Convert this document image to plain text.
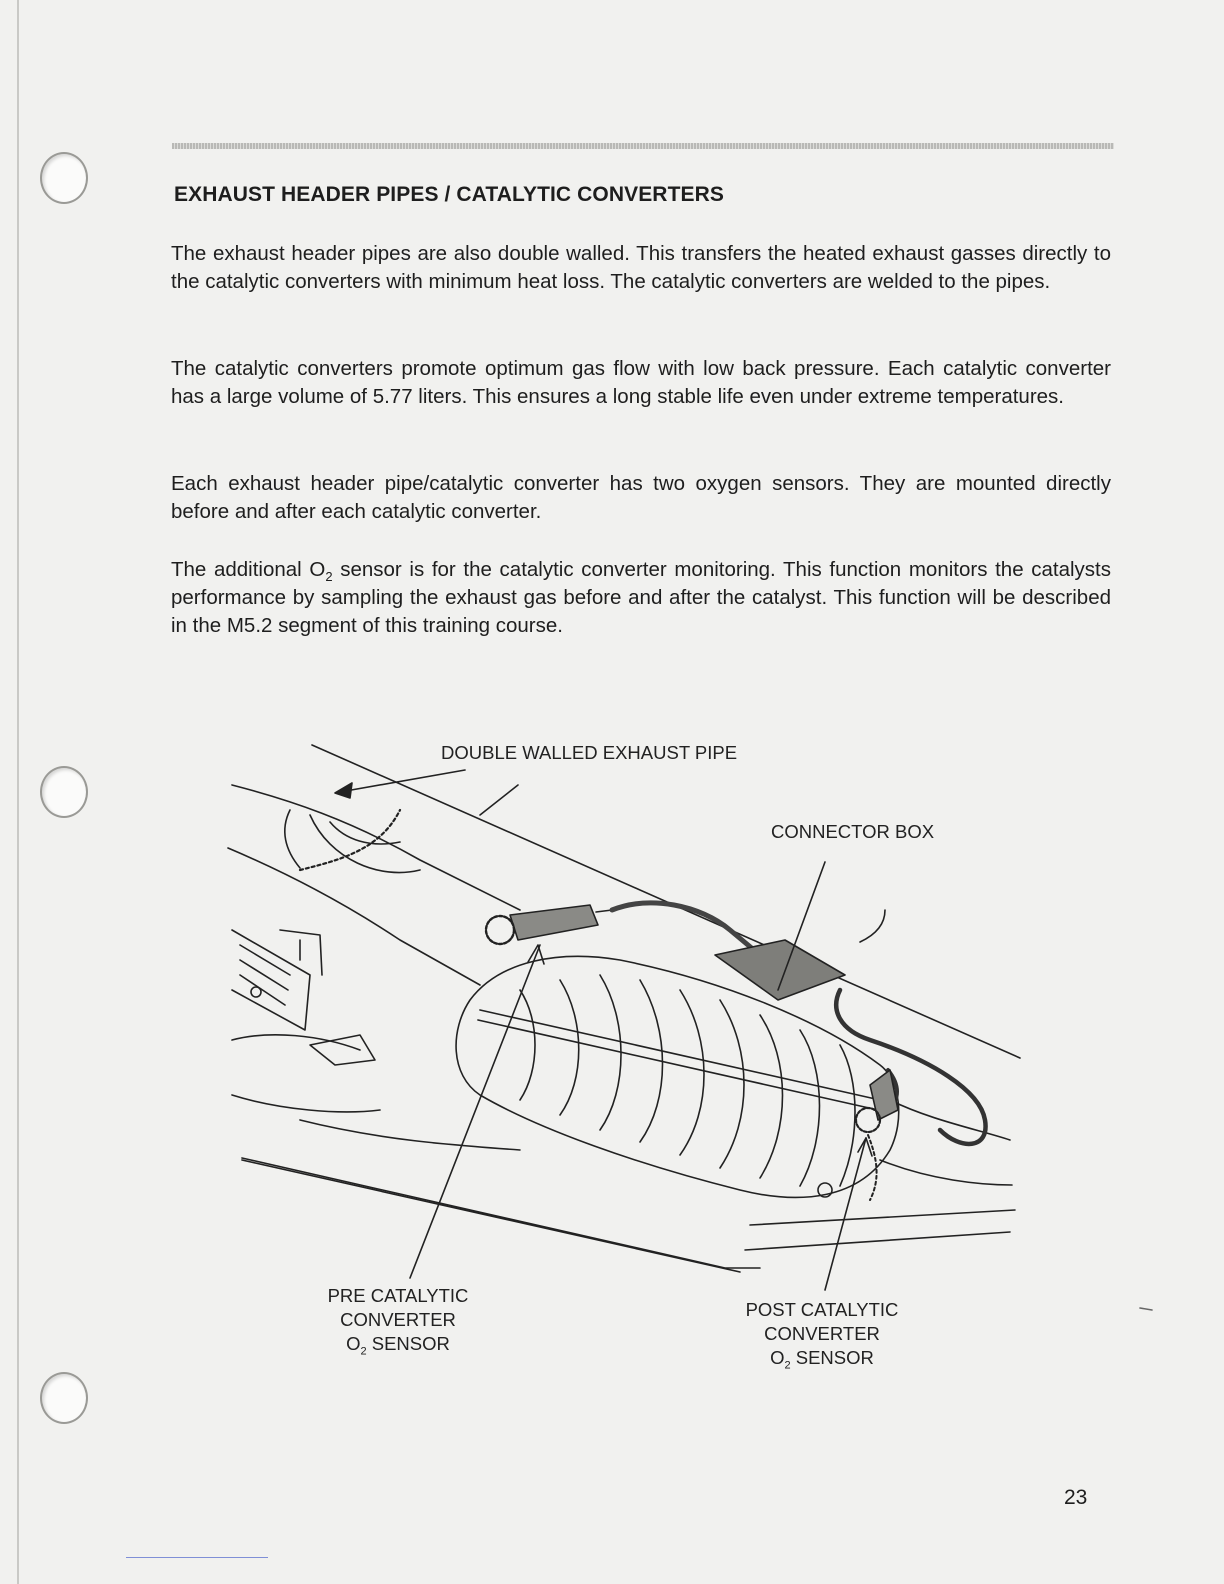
EXHAUST HEADER PIPES / CATALYTIC CONVERTERS

The exhaust header pipes are also double walled. This transfers the heated exhaust gasses directly to the catalytic converters with minimum heat loss. The catalytic converters are welded to the pipes.

The catalytic converters promote optimum gas flow with low back pressure. Each catalytic converter has a large volume of 5.77 liters. This ensures a long stable life even under extreme temperatures.

Each exhaust header pipe/catalytic converter has two oxygen sensors. They are mounted directly before and after each catalytic converter.

The additional $O_2$ sensor is for the catalytic converter monitoring. This function monitors the catalysts performance by sampling the exhaust gas before and after the catalyst. This function will be described in the M5.2 segment of this training course.

DOUBLE WALLED EXHAUST PIPE
CONNECTOR BOX
PRE CATALYTIC
CONVERTER
$O_2$ SENSOR
POST CATALYTIC
CONVERTER
$O_2$ SENSOR
23
